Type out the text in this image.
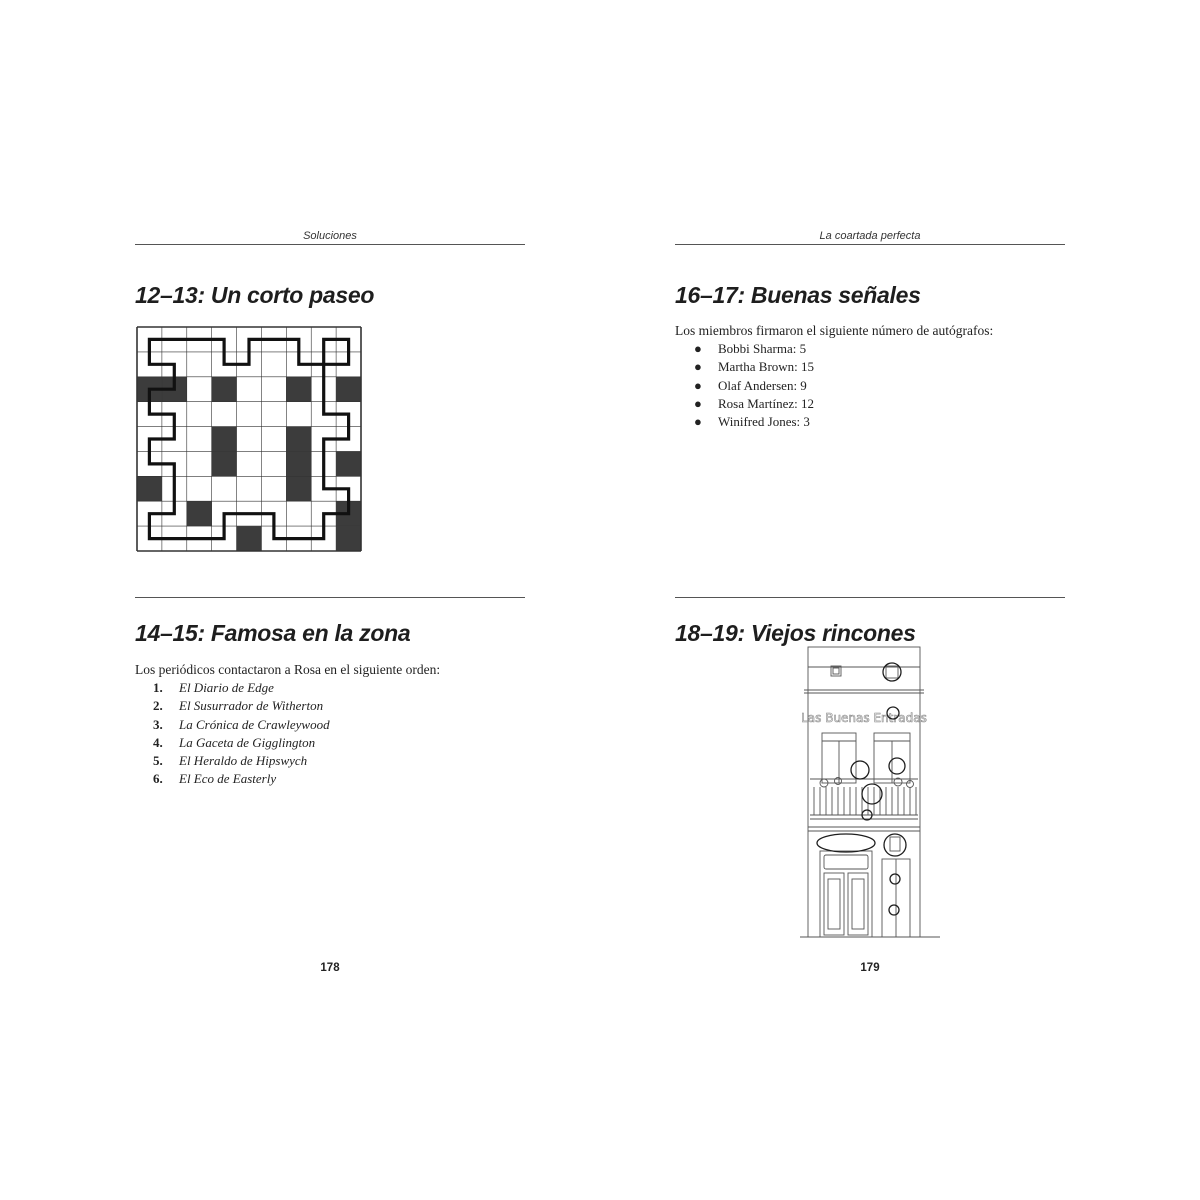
Soluciones
12–13: Un corto paseo
14–15: Famosa en la zona
Los periódicos contactaron a Rosa en el siguiente orden:
1.	El Diario de Edge
2.	El Susurrador de Witherton
3.	La Crónica de Crawleywood
4.	La Gaceta de Gigglington
5.	El Heraldo de Hipswych
6.	El Eco de Easterly
178
La coartada perfecta
16–17: Buenas señales
Los miembros firmaron el siguiente número de autógrafos:
● Bobbi Sharma: 5
● Martha Brown: 15
● Olaf Andersen: 9
● Rosa Martínez: 12
● Winifred Jones: 3
18–19: Viejos rincones
Las Buenas Entradas
179
